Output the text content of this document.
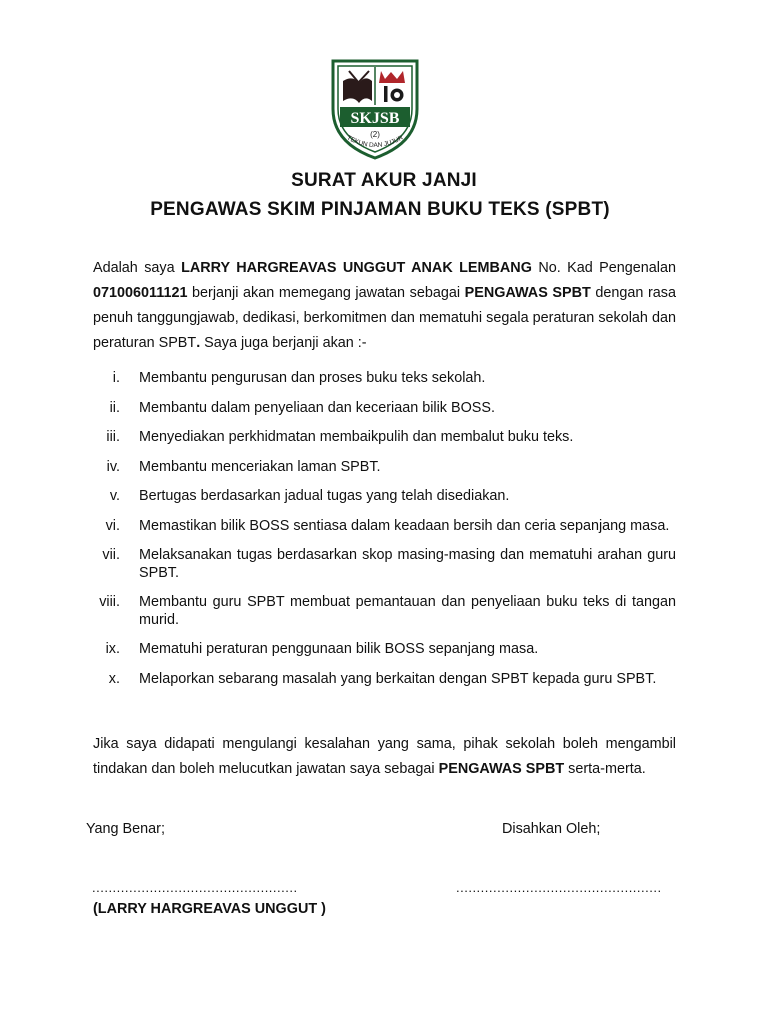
SKJSB
(2)
TEKUN DAN JUJUR
SURAT AKUR JANJI
PENGAWAS SKIM PINJAMAN BUKU TEKS (SPBT)

Adalah saya LARRY HARGREAVAS UNGGUT ANAK LEMBANG No. Kad Pengenalan 071006011121 berjanji akan memegang jawatan sebagai PENGAWAS SPBT dengan rasa penuh tanggungjawab, dedikasi, berkomitmen dan mematuhi segala peraturan sekolah dan peraturan SPBT. Saya juga berjanji akan :-

i. Membantu pengurusan dan proses buku teks sekolah.
ii. Membantu dalam penyeliaan dan keceriaan bilik BOSS.
iii. Menyediakan perkhidmatan membaikpulih dan membalut buku teks.
iv. Membantu menceriakan laman SPBT.
v. Bertugas berdasarkan jadual tugas yang telah disediakan.
vi. Memastikan bilik BOSS sentiasa dalam keadaan bersih dan ceria sepanjang masa.
vii. Melaksanakan tugas berdasarkan skop masing-masing dan mematuhi arahan guru SPBT.
viii. Membantu guru SPBT membuat pemantauan dan penyeliaan buku teks di tangan murid.
ix. Mematuhi peraturan penggunaan bilik BOSS sepanjang masa.
x. Melaporkan sebarang masalah yang berkaitan dengan SPBT kepada guru SPBT.

Jika saya didapati mengulangi kesalahan yang sama, pihak sekolah boleh mengambil tindakan dan boleh melucutkan jawatan saya sebagai PENGAWAS SPBT serta-merta.

Yang Benar;	Disahkan Oleh;
..................................................	..................................................
(LARRY HARGREAVAS UNGGUT )
